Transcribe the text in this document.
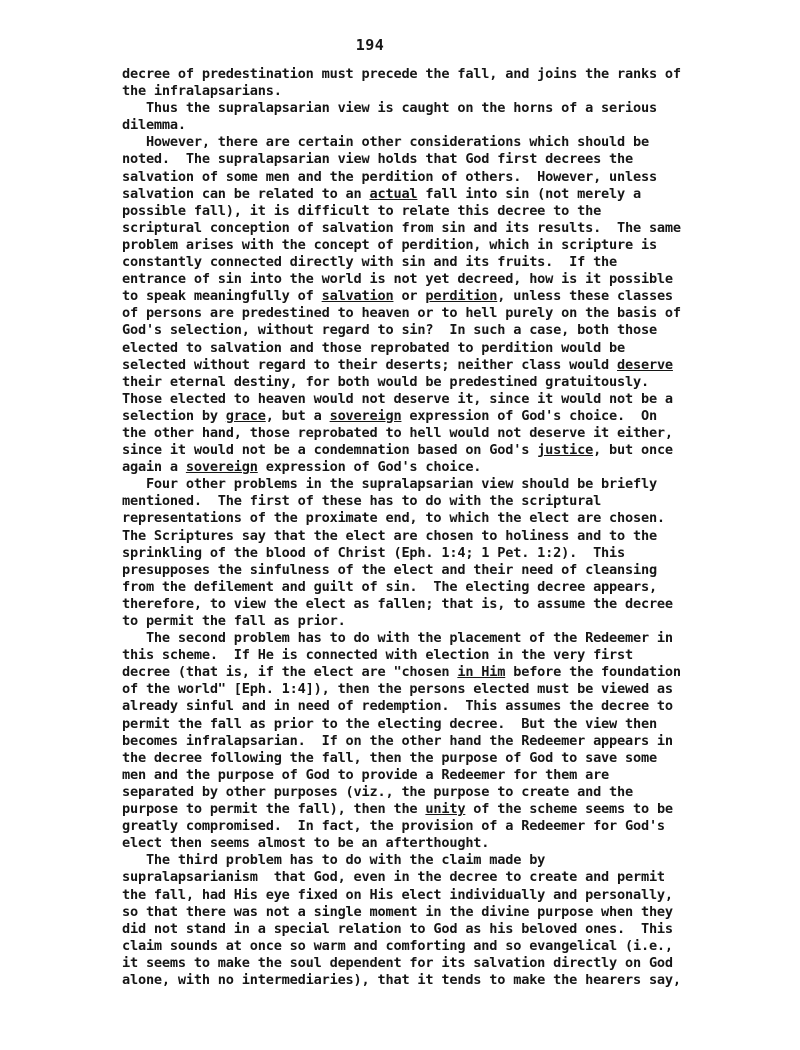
194
decree of predestination must precede the fall, and joins the ranks of
the infralapsarians.
Thus the supralapsarian view is caught on the horns of a serious
dilemma.
However, there are certain other considerations which should be
noted.  The supralapsarian view holds that God first decrees the
salvation of some men and the perdition of others.  However, unless
salvation can be related to an actual fall into sin (not merely a
possible fall), it is difficult to relate this decree to the
scriptural conception of salvation from sin and its results.  The same
problem arises with the concept of perdition, which in scripture is
constantly connected directly with sin and its fruits.  If the
entrance of sin into the world is not yet decreed, how is it possible
to speak meaningfully of salvation or perdition, unless these classes
of persons are predestined to heaven or to hell purely on the basis of
God's selection, without regard to sin?  In such a case, both those
elected to salvation and those reprobated to perdition would be
selected without regard to their deserts; neither class would deserve
their eternal destiny, for both would be predestined gratuitously.
Those elected to heaven would not deserve it, since it would not be a
selection by grace, but a sovereign expression of God's choice.  On
the other hand, those reprobated to hell would not deserve it either,
since it would not be a condemnation based on God's justice, but once
again a sovereign expression of God's choice.
Four other problems in the supralapsarian view should be briefly
mentioned.  The first of these has to do with the scriptural
representations of the proximate end, to which the elect are chosen.
The Scriptures say that the elect are chosen to holiness and to the
sprinkling of the blood of Christ (Eph. 1:4; 1 Pet. 1:2).  This
presupposes the sinfulness of the elect and their need of cleansing
from the defilement and guilt of sin.  The electing decree appears,
therefore, to view the elect as fallen; that is, to assume the decree
to permit the fall as prior.
The second problem has to do with the placement of the Redeemer in
this scheme.  If He is connected with election in the very first
decree (that is, if the elect are "chosen in Him before the foundation
of the world" [Eph. 1:4]), then the persons elected must be viewed as
already sinful and in need of redemption.  This assumes the decree to
permit the fall as prior to the electing decree.  But the view then
becomes infralapsarian.  If on the other hand the Redeemer appears in
the decree following the fall, then the purpose of God to save some
men and the purpose of God to provide a Redeemer for them are
separated by other purposes (viz., the purpose to create and the
purpose to permit the fall), then the unity of the scheme seems to be
greatly compromised.  In fact, the provision of a Redeemer for God's
elect then seems almost to be an afterthought.
The third problem has to do with the claim made by
supralapsarianism  that God, even in the decree to create and permit
the fall, had His eye fixed on His elect individually and personally,
so that there was not a single moment in the divine purpose when they
did not stand in a special relation to God as his beloved ones.  This
claim sounds at once so warm and comforting and so evangelical (i.e.,
it seems to make the soul dependent for its salvation directly on God
alone, with no intermediaries), that it tends to make the hearers say,
